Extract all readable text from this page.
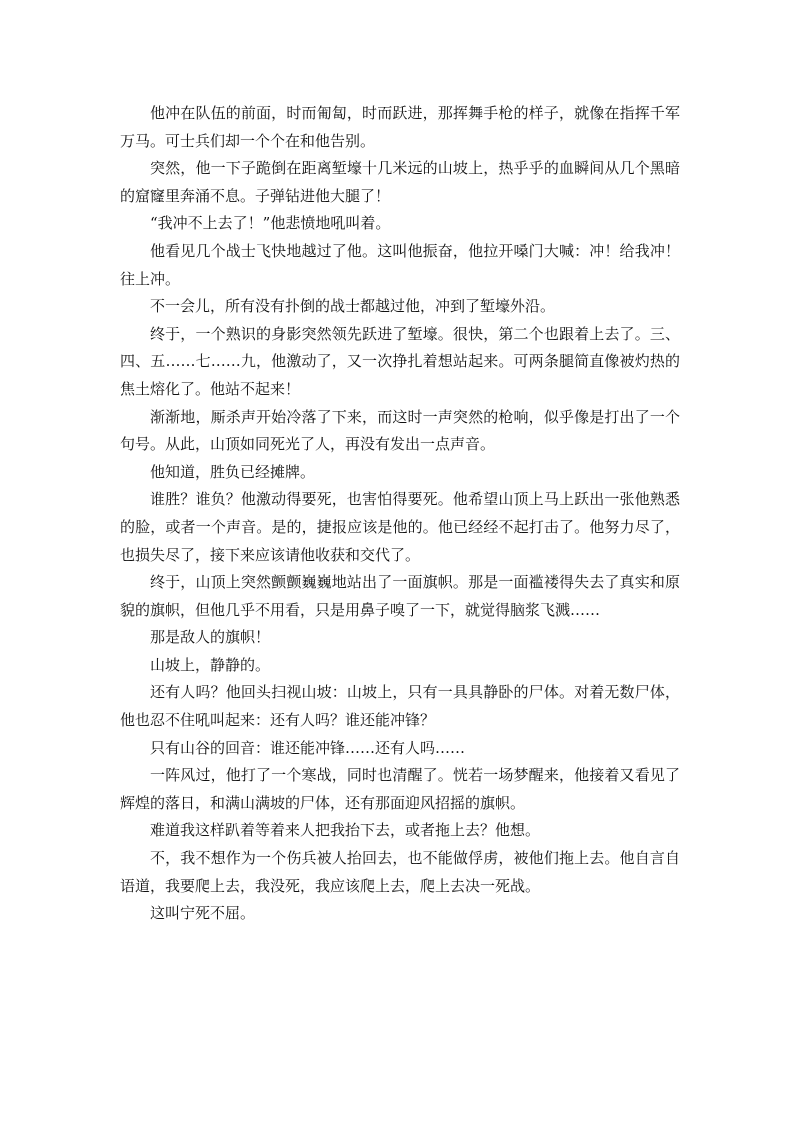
他冲在队伍的前面，时而匍匐，时而跃进，那挥舞手枪的样子，就像在指挥千军万马。可士兵们却一个个在和他告别。

突然，他一下子跪倒在距离堑壕十几米远的山坡上，热乎乎的血瞬间从几个黑暗的窟窿里奔涌不息。子弹钻进他大腿了！

“我冲不上去了！”他悲愤地吼叫着。

他看见几个战士飞快地越过了他。这叫他振奋，他拉开嗓门大喊：冲！给我冲！往上冲。

不一会儿，所有没有扑倒的战士都越过他，冲到了堑壕外沿。

终于，一个熟识的身影突然领先跃进了堑壕。很快，第二个也跟着上去了。三、四、五……七……九，他激动了，又一次挣扎着想站起来。可两条腿简直像被灼热的焦土熔化了。他站不起来！

渐渐地，厮杀声开始冷落了下来，而这时一声突然的枪响，似乎像是打出了一个句号。从此，山顶如同死光了人，再没有发出一点声音。

他知道，胜负已经摊牌。

谁胜？谁负？他激动得要死，也害怕得要死。他希望山顶上马上跃出一张他熟悉的脸，或者一个声音。是的，捷报应该是他的。他已经经不起打击了。他努力尽了，也损失尽了，接下来应该请他收获和交代了。

终于，山顶上突然颤颤巍巍地站出了一面旗帜。那是一面褴褛得失去了真实和原貌的旗帜，但他几乎不用看，只是用鼻子嗅了一下，就觉得脑浆飞溅……

那是敌人的旗帜！

山坡上，静静的。

还有人吗？他回头扫视山坡：山坡上，只有一具具静卧的尸体。对着无数尸体，他也忍不住吼叫起来：还有人吗？谁还能冲锋？

只有山谷的回音：谁还能冲锋……还有人吗……

一阵风过，他打了一个寒战，同时也清醒了。恍若一场梦醒来，他接着又看见了辉煌的落日，和满山满坡的尸体，还有那面迎风招摇的旗帜。

难道我这样趴着等着来人把我抬下去，或者拖上去？他想。

不，我不想作为一个伤兵被人抬回去，也不能做俘虏，被他们拖上去。他自言自语道，我要爬上去，我没死，我应该爬上去，爬上去决一死战。

这叫宁死不屈。
